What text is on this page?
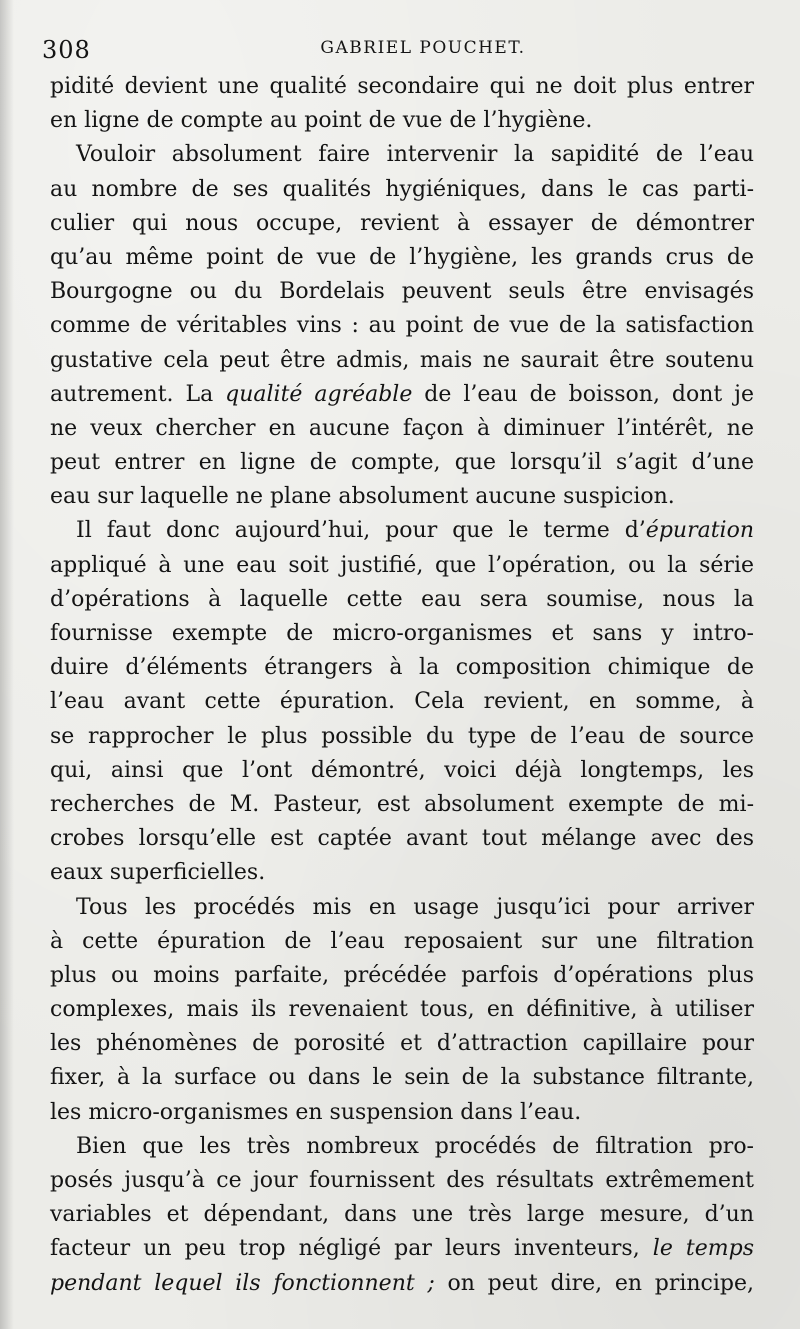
308	GABRIEL POUCHET.
pidité devient une qualité secondaire qui ne doit plus entrer
en ligne de compte au point de vue de l’hygiène.
Vouloir absolument faire intervenir la sapidité de l’eau
au nombre de ses qualités hygiéniques, dans le cas parti-
culier qui nous occupe, revient à essayer de démontrer
qu’au même point de vue de l’hygiène, les grands crus de
Bourgogne ou du Bordelais peuvent seuls être envisagés
comme de véritables vins : au point de vue de la satisfaction
gustative cela peut être admis, mais ne saurait être soutenu
autrement. La qualité agréable de l’eau de boisson, dont je
ne veux chercher en aucune façon à diminuer l’intérêt, ne
peut entrer en ligne de compte, que lorsqu’il s’agit d’une
eau sur laquelle ne plane absolument aucune suspicion.
Il faut donc aujourd’hui, pour que le terme d’épuration
appliqué à une eau soit justifié, que l’opération, ou la série
d’opérations à laquelle cette eau sera soumise, nous la
fournisse exempte de micro-organismes et sans y intro-
duire d’éléments étrangers à la composition chimique de
l’eau avant cette épuration. Cela revient, en somme, à
se rapprocher le plus possible du type de l’eau de source
qui, ainsi que l’ont démontré, voici déjà longtemps, les
recherches de M. Pasteur, est absolument exempte de mi-
crobes lorsqu’elle est captée avant tout mélange avec des
eaux superficielles.
Tous les procédés mis en usage jusqu’ici pour arriver
à cette épuration de l’eau reposaient sur une filtration
plus ou moins parfaite, précédée parfois d’opérations plus
complexes, mais ils revenaient tous, en définitive, à utiliser
les phénomènes de porosité et d’attraction capillaire pour
fixer, à la surface ou dans le sein de la substance filtrante,
les micro-organismes en suspension dans l’eau.
Bien que les très nombreux procédés de filtration pro-
posés jusqu’à ce jour fournissent des résultats extrêmement
variables et dépendant, dans une très large mesure, d’un
facteur un peu trop négligé par leurs inventeurs, le temps
pendant lequel ils fonctionnent ; on peut dire, en principe,
